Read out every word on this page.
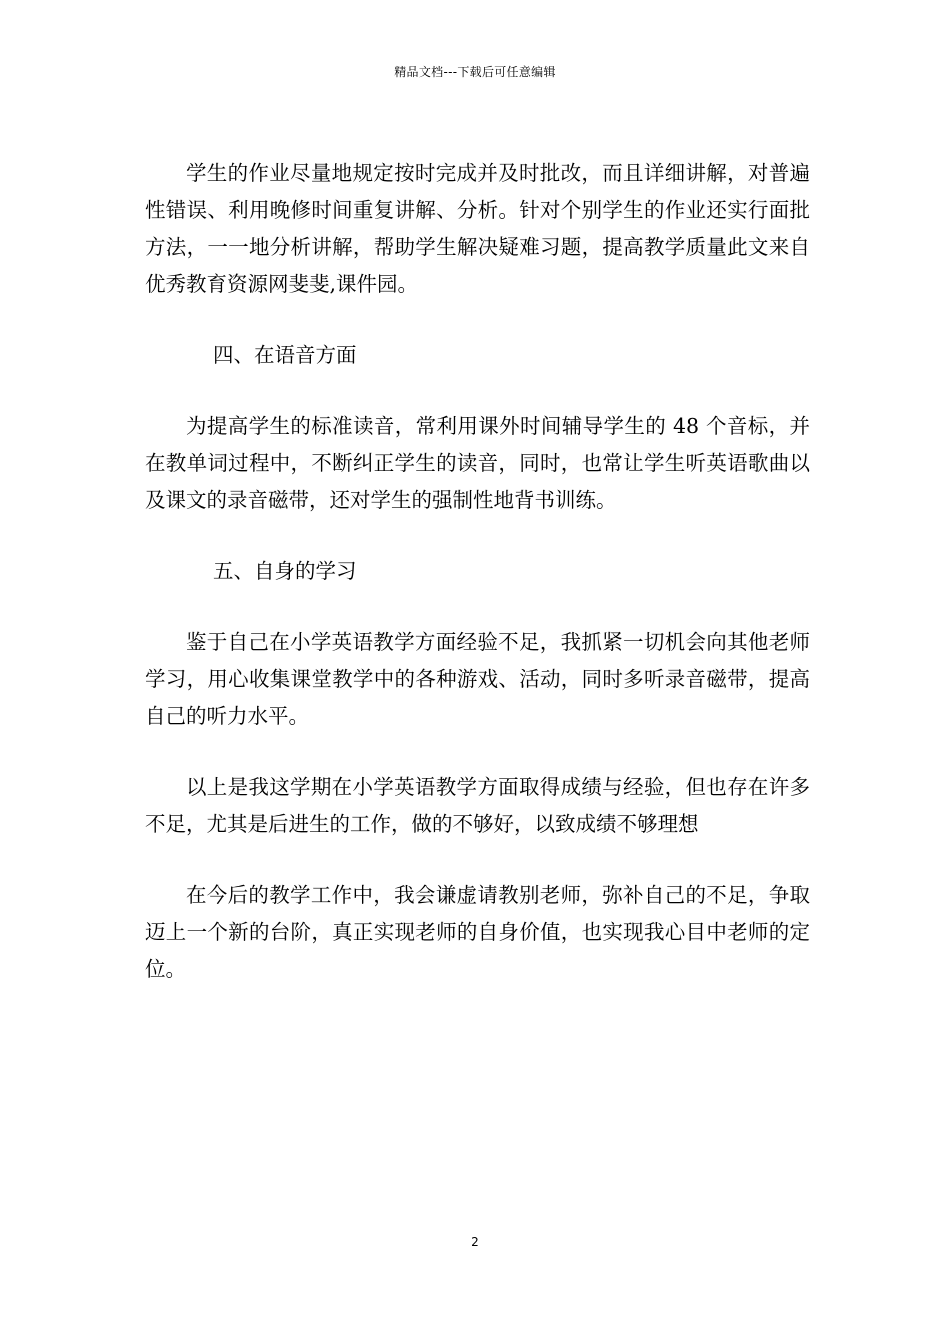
精品文档---下载后可任意编辑

学生的作业尽量地规定按时完成并及时批改，而且详细讲解，对普遍性错误、利用晚修时间重复讲解、分析。针对个别学生的作业还实行面批方法，一一地分析讲解，帮助学生解决疑难习题，提高教学质量此文来自优秀教育资源网斐斐,课件园。

四、在语音方面

为提高学生的标准读音，常利用课外时间辅导学生的 48 个音标，并在教单词过程中，不断纠正学生的读音，同时，也常让学生听英语歌曲以及课文的录音磁带，还对学生的强制性地背书训练。

五、自身的学习

鉴于自己在小学英语教学方面经验不足，我抓紧一切机会向其他老师学习，用心收集课堂教学中的各种游戏、活动，同时多听录音磁带，提高自己的听力水平。

以上是我这学期在小学英语教学方面取得成绩与经验，但也存在许多不足，尤其是后进生的工作，做的不够好，以致成绩不够理想

在今后的教学工作中，我会谦虚请教别老师，弥补自己的不足，争取迈上一个新的台阶，真正实现老师的自身价值，也实现我心目中老师的定位。

2
